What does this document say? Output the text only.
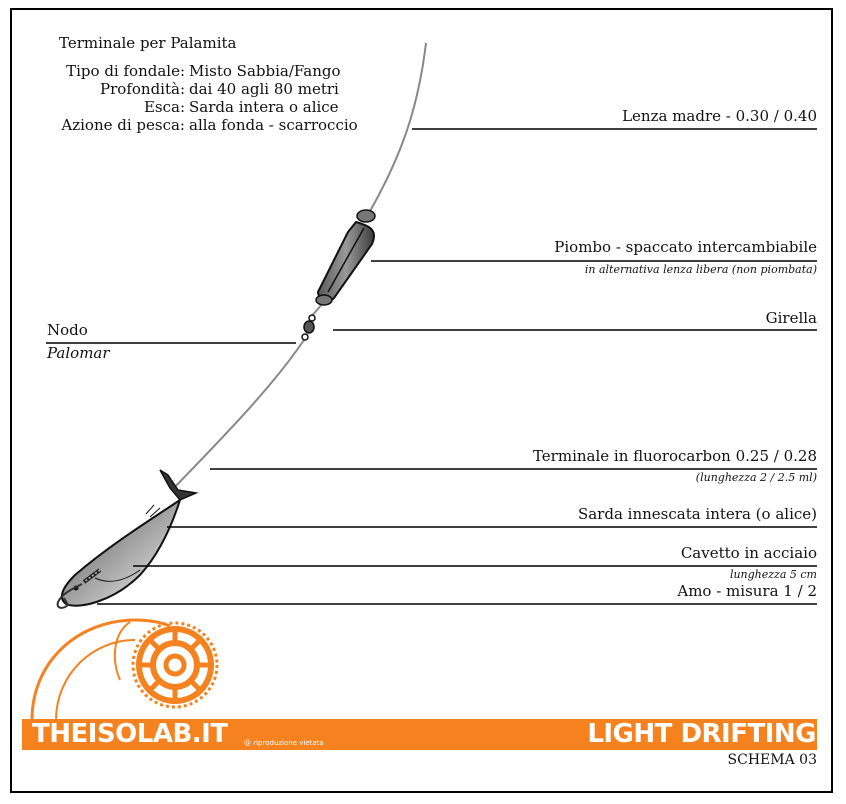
Terminale per Palamita
Tipo di fondale: Misto Sabbia/Fango
Profondità: dai 40 agli 80 metri
Esca: Sarda intera o alice
Azione di pesca: alla fonda - scarroccio	Lenza madre - 0.30 / 0.40
Piombo - spaccato intercambiabile
in alternativa lenza libera (non piombata)
Girella
Nodo
Palomar
Terminale in fluorocarbon 0.25 / 0.28
(lunghezza 2 / 2.5 ml)
Sarda innescata intera (o alice)
Cavetto in acciaio
lunghezza 5 cm
Amo - misura 1 / 2
THEISOLAB.IT @ riproduzione vietata	LIGHT DRIFTING
SCHEMA 03
